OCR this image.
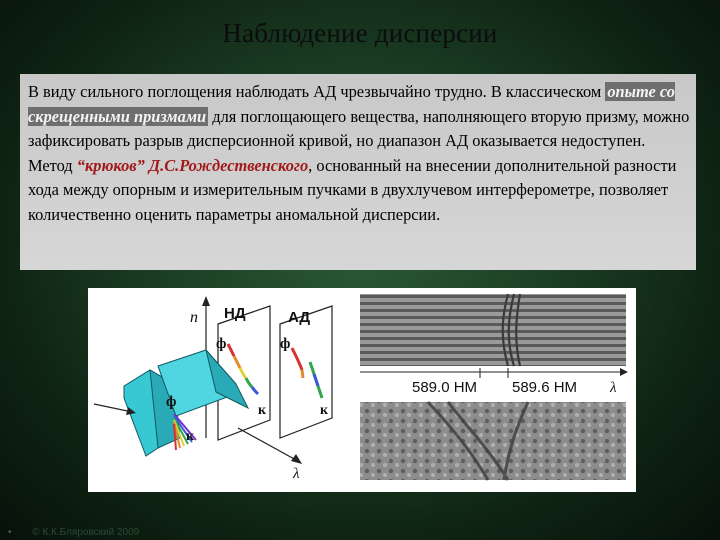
Наблюдение дисперсии
В виду сильного поглощения наблюдать АД чрезвычайно трудно. В классическом опыте со скрещенными призмами для поглощающего вещества, наполняющего вторую призму, можно зафиксировать разрыв дисперсионной кривой, но диапазон АД оказывается недоступен. Метод “крюков” Д.С.Рождественского, основанный на внесении дополнительной разности хода между опорным и измерительным пучками в двухлучевом интерферометре, позволяет количественно оценить параметры аномальной дисперсии.
n
λ
НД	АД
к
ф
ф
к
ф
к
589.0 НМ 589.6 НМ λ
• © К.К.Бляровский 2009
